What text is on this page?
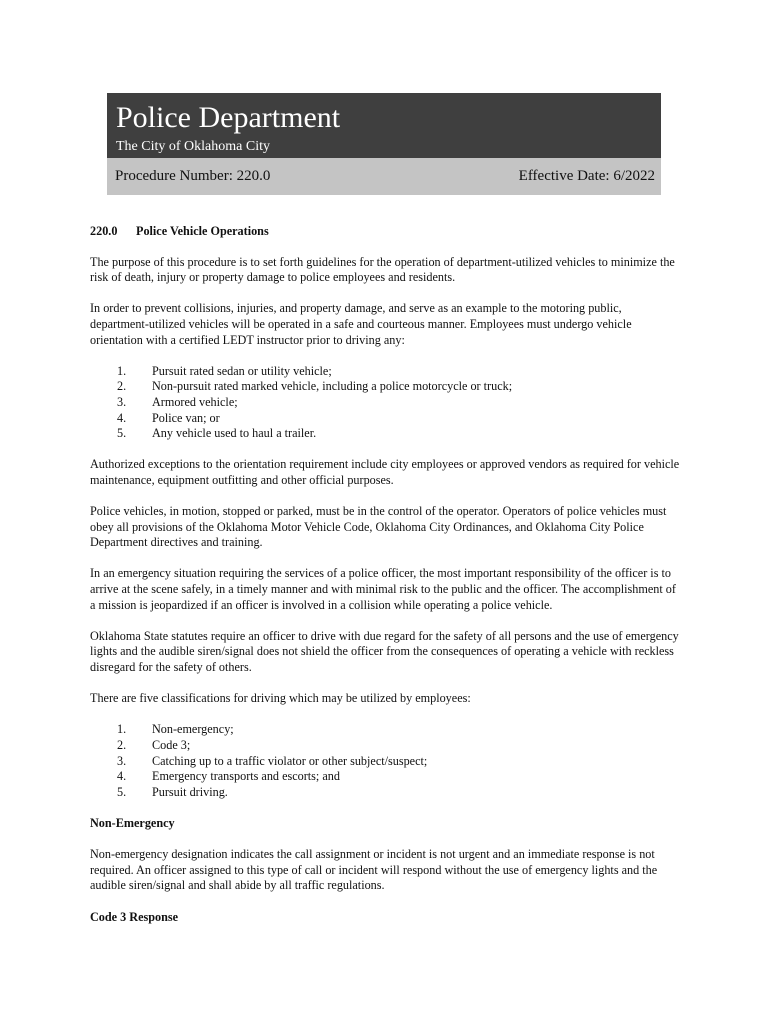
Police Department
The City of Oklahoma City
Procedure Number: 220.0	Effective Date: 6/2022
220.0 Police Vehicle Operations

The purpose of this procedure is to set forth guidelines for the operation of department-utilized vehicles to minimize the risk of death, injury or property damage to police employees and residents.

In order to prevent collisions, injuries, and property damage, and serve as an example to the motoring public, department-utilized vehicles will be operated in a safe and courteous manner. Employees must undergo vehicle orientation with a certified LEDT instructor prior to driving any:

1.	Pursuit rated sedan or utility vehicle;
2.	Non-pursuit rated marked vehicle, including a police motorcycle or truck;
3.	Armored vehicle;
4.	Police van; or
5.	Any vehicle used to haul a trailer.

Authorized exceptions to the orientation requirement include city employees or approved vendors as required for vehicle maintenance, equipment outfitting and other official purposes.

Police vehicles, in motion, stopped or parked, must be in the control of the operator. Operators of police vehicles must obey all provisions of the Oklahoma Motor Vehicle Code, Oklahoma City Ordinances, and Oklahoma City Police Department directives and training.

In an emergency situation requiring the services of a police officer, the most important responsibility of the officer is to arrive at the scene safely, in a timely manner and with minimal risk to the public and the officer. The accomplishment of a mission is jeopardized if an officer is involved in a collision while operating a police vehicle.

Oklahoma State statutes require an officer to drive with due regard for the safety of all persons and the use of emergency lights and the audible siren/signal does not shield the officer from the consequences of operating a vehicle with reckless disregard for the safety of others.

There are five classifications for driving which may be utilized by employees:

1.	Non-emergency;
2.	Code 3;
3.	Catching up to a traffic violator or other subject/suspect;
4.	Emergency transports and escorts; and
5.	Pursuit driving.
Non-Emergency

Non-emergency designation indicates the call assignment or incident is not urgent and an immediate response is not required. An officer assigned to this type of call or incident will respond without the use of emergency lights and the audible siren/signal and shall abide by all traffic regulations.

Code 3 Response
